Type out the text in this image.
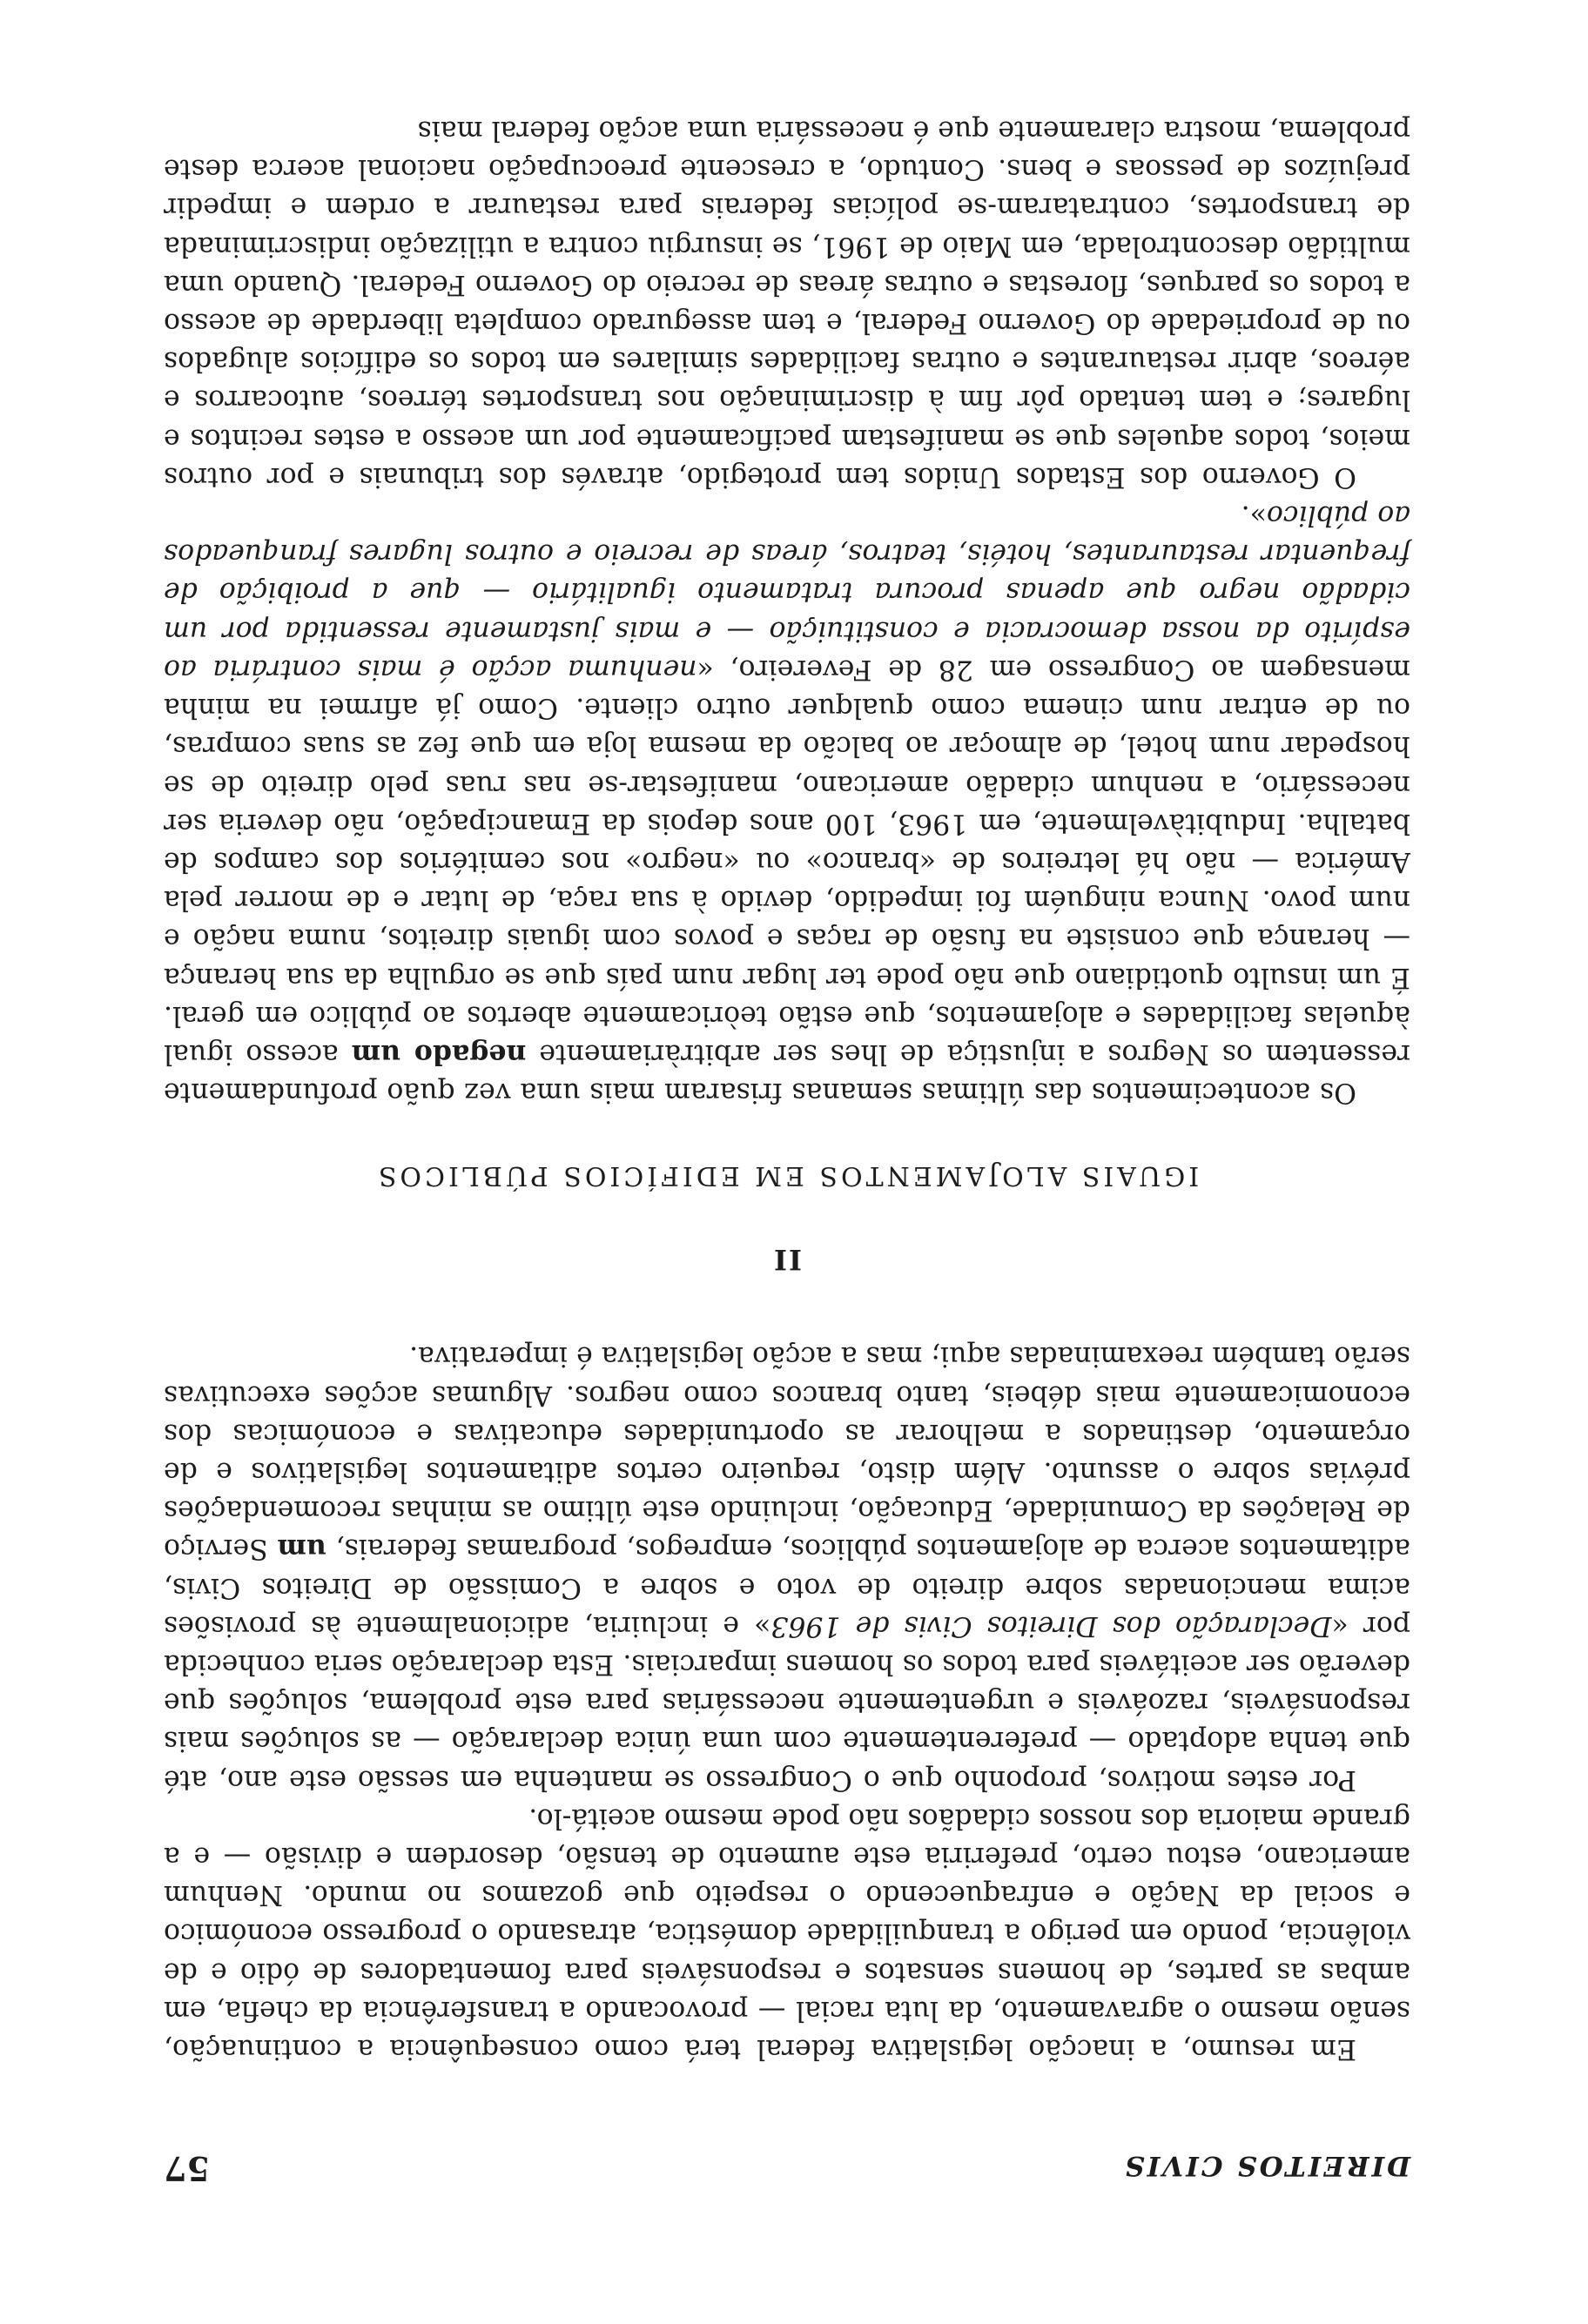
DIREITOS CIVIS
57

Em resumo, a inacção legislativa federal terá como consequência a continuação, senão mesmo o agravamento, da luta racial — provocando a transferência da chefia, em ambas as partes, de homens sensatos e responsáveis para fomentadores de ódio e de violência, pondo em perigo a tranquilidade doméstica, atrasando o progresso económico e social da Nação e enfraquecendo o respeito que gozamos no mundo. Nenhum americano, estou certo, preferiria este aumento de tensão, desordem e divisão — e a grande maioria dos nossos cidadãos não pode mesmo aceitá-lo.

Por estes motivos, proponho que o Congresso se mantenha em sessão este ano, até que tenha adoptado — preferentemente com uma única declaração — as soluções mais responsáveis, razoáveis e urgentemente necessárias para este problema, soluções que deverão ser aceitáveis para todos os homens imparciais. Esta declaração seria conhecida por «Declaração dos Direitos Civis de 1963» e incluiria, adicionalmente às provisões acima mencionadas sobre direito de voto e sobre a Comissão de Direitos Civis, aditamentos acerca de alojamentos públicos, empregos, programas federais, um Serviço de Relações da Comunidade, Educação, incluindo este último as minhas recomendações prévias sobre o assunto. Além disto, requeiro certos aditamentos legislativos e de orçamento, destinados a melhorar as oportunidades educativas e económicas dos economicamente mais débeis, tanto brancos como negros. Algumas acções executivas serão também reexaminadas aqui; mas a acção legislativa é imperativa.

II
IGUAIS ALOJAMENTOS EM EDIFÍCIOS PÚBLICOS

Os acontecimentos das últimas semanas frisaram mais uma vez quão profundamente ressentem os Negros a injustiça de lhes ser arbitràriamente negado um acesso igual àquelas facilidades e alojamentos, que estão teòricamente abertos ao público em geral. É um insulto quotidiano que não pode ter lugar num país que se orgulha da sua herança — herança que consiste na fusão de raças e povos com iguais direitos, numa nação e num povo. Nunca ninguém foi impedido, devido à sua raça, de lutar e de morrer pela América — não há letreiros de «branco» ou «negro» nos cemitérios dos campos de batalha. Indubitàvelmente, em 1963, 100 anos depois da Emancipação, não deveria ser necessário, a nenhum cidadão americano, manifestar-se nas ruas pelo direito de se hospedar num hotel, de almoçar ao balcão da mesma loja em que fez as suas compras, ou de entrar num cinema como qualquer outro cliente. Como já afirmei na minha mensagem ao Congresso em 28 de Fevereiro, «nenhuma acção é mais contrária ao espírito da nossa democracia e constituição — e mais justamente ressentida por um cidadão negro que apenas procura tratamento igualitário — que a proibição de frequentar restaurantes, hotéis, teatros, áreas de recreio e outros lugares franqueados ao público».

O Governo dos Estados Unidos tem protegido, através dos tribunais e por outros meios, todos aqueles que se manifestam pacificamente por um acesso a estes recintos e lugares; e tem tentado pôr fim à discriminação nos transportes térreos, autocarros e aéreos, abrir restaurantes e outras facilidades similares em todos os edifícios alugados ou de propriedade do Governo Federal, e tem assegurado completa liberdade de acesso a todos os parques, florestas e outras áreas de recreio do Governo Federal. Quando uma multidão descontrolada, em Maio de 1961, se insurgiu contra a utilização indiscriminada de transportes, contrataram-se polícias federais para restaurar a ordem e impedir prejuízos de pessoas e bens. Contudo, a crescente preocupação nacional acerca deste problema, mostra claramente que é necessária uma acção federal mais
